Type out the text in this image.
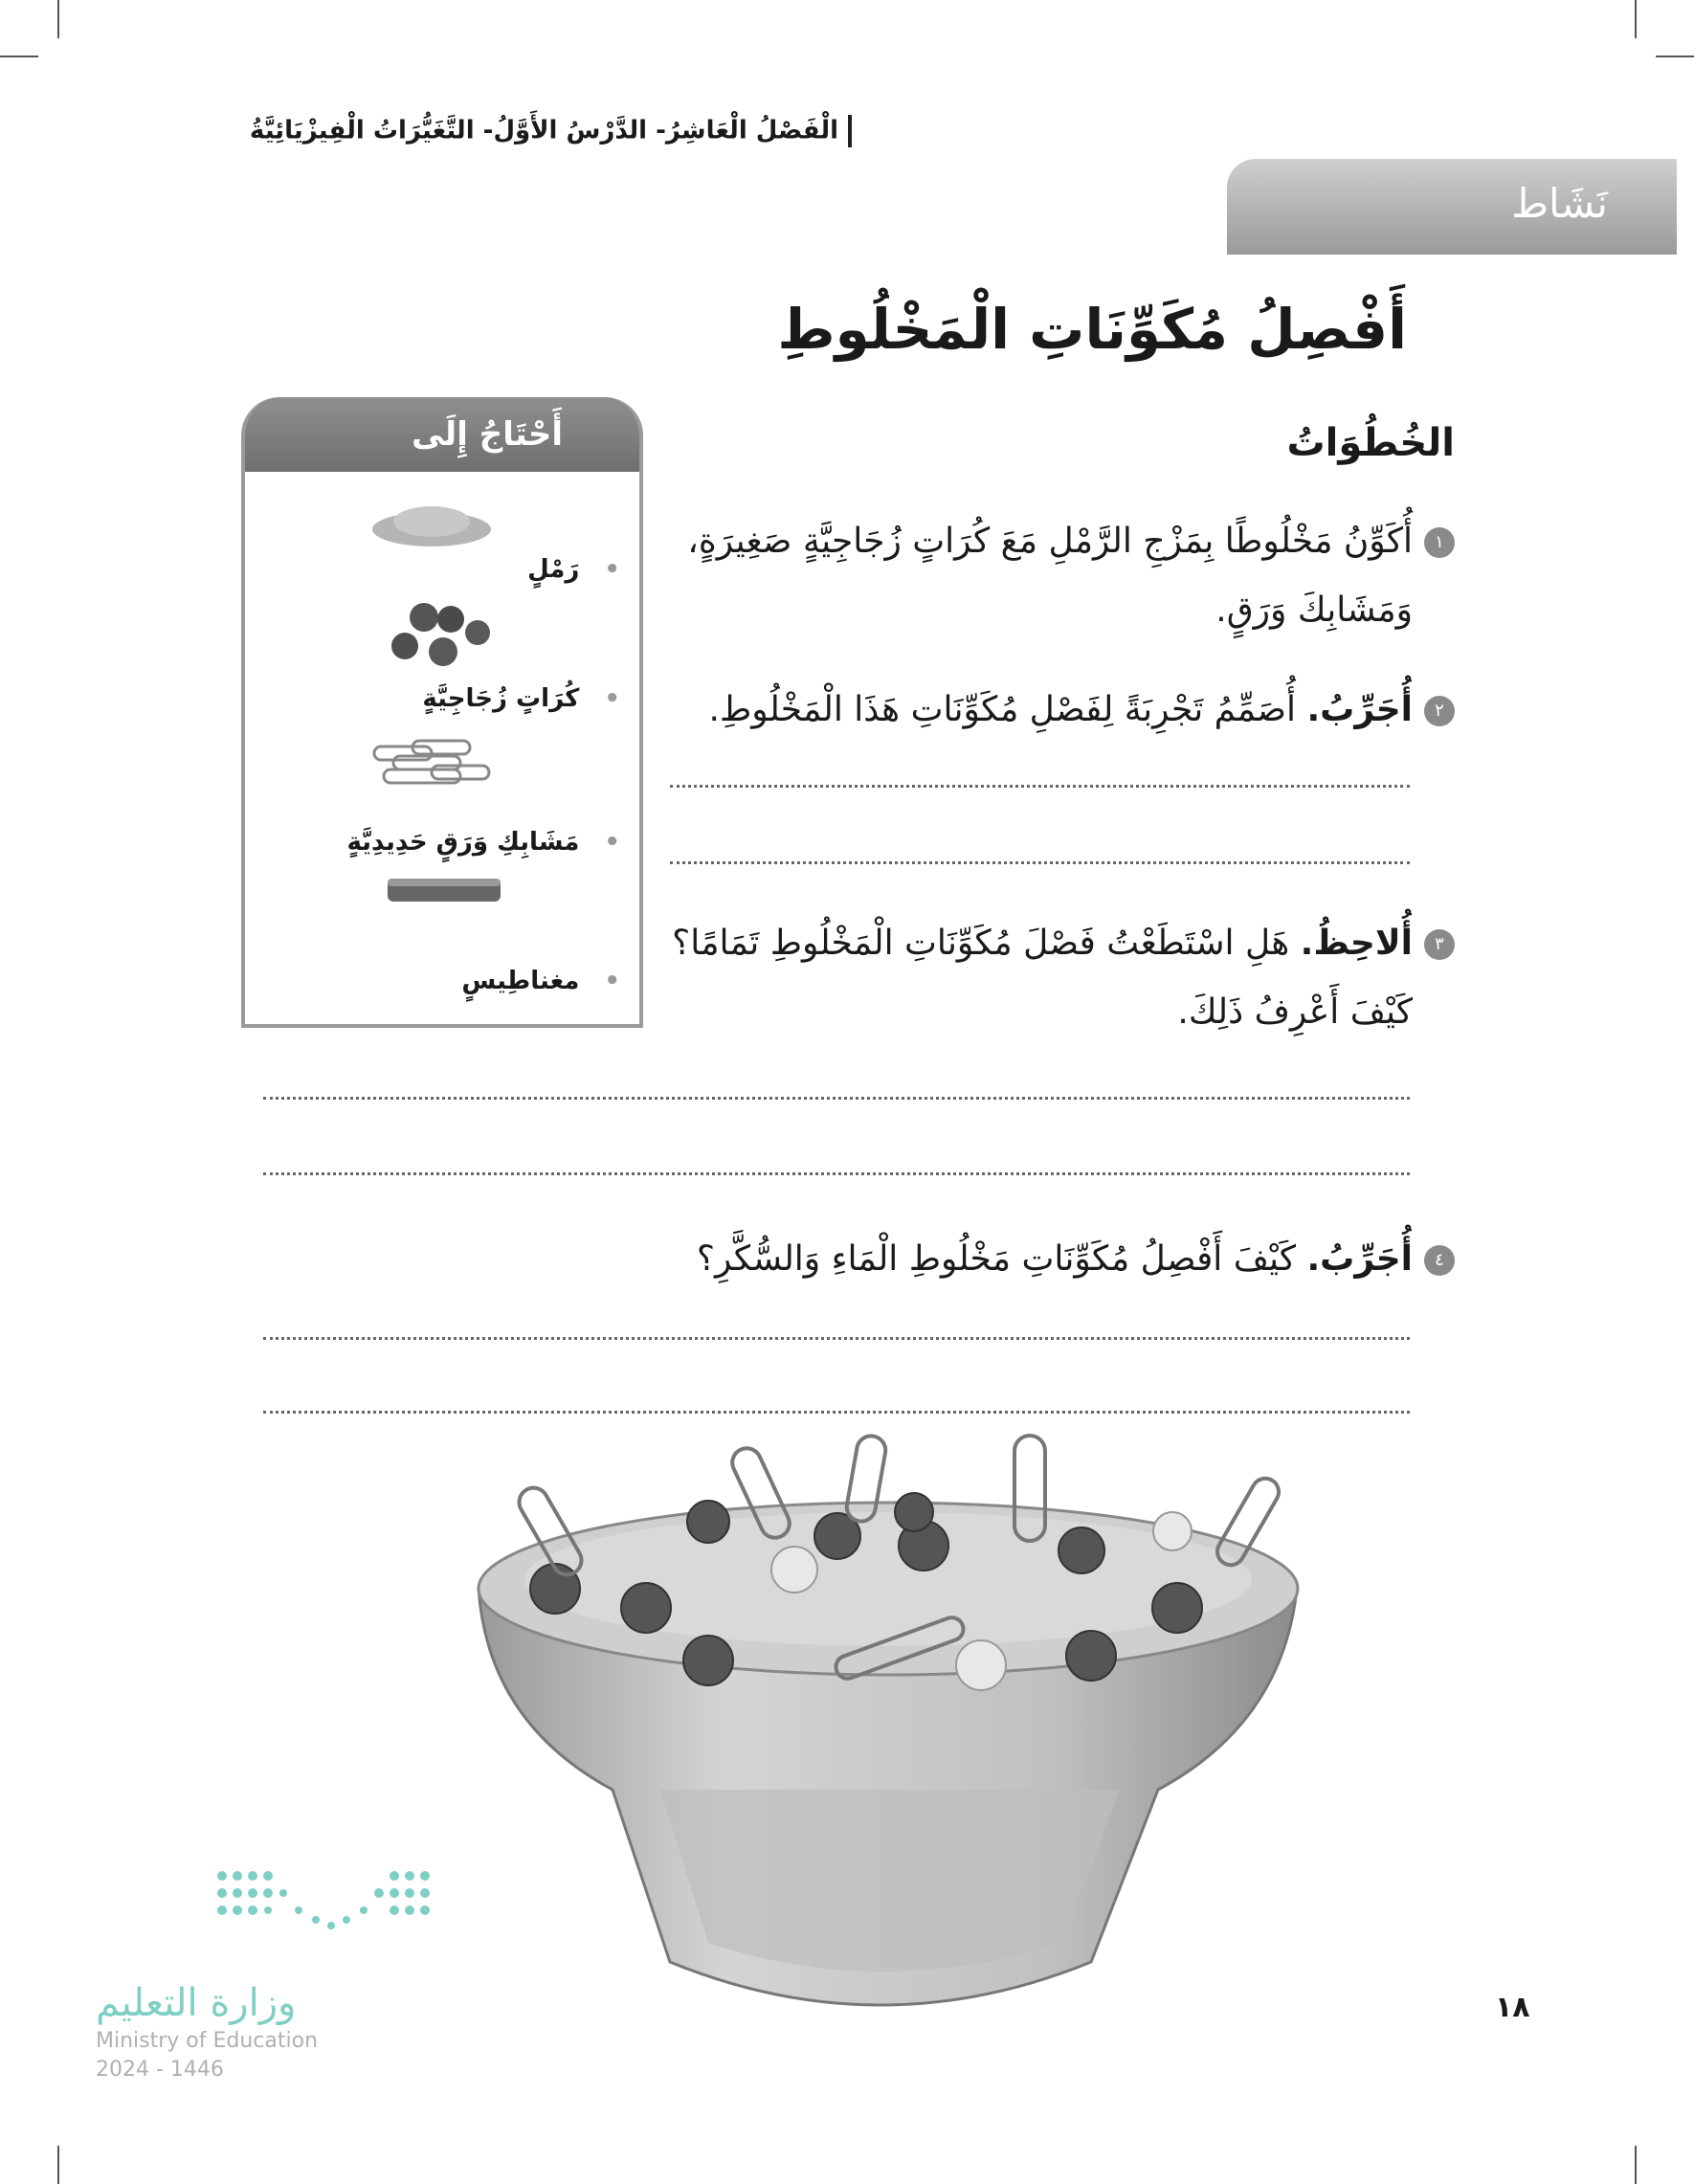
الْفَصْلُ الْعَاشِرُ- الدَّرْسُ الأَوَّلُ- التَّغَيُّرَاتُ الْفِيزْيَائِيَّةُ
نَشَاط
أَفْصِلُ مُكَوِّنَاتِ الْمَخْلُوطِ
الخُطُوَاتُ
١أُكَوِّنُ مَخْلُوطًا بِمَزْجِ الرَّمْلِ مَعَ كُرَاتٍ زُجَاجِيَّةٍ صَغِيرَةٍ،
وَمَشَابِكَ وَرَقٍ.
٢أُجَرِّبُ. أُصَمِّمُ تَجْرِبَةً لِفَصْلِ مُكَوِّنَاتِ هَذَا الْمَخْلُوطِ.
٣أُلاحِظُ. هَلِ اسْتَطَعْتُ فَصْلَ مُكَوِّنَاتِ الْمَخْلُوطِ تَمَامًا؟
كَيْفَ أَعْرِفُ ذَلِكَ.
٤أُجَرِّبُ. كَيْفَ أَفْصِلُ مُكَوِّنَاتِ مَخْلُوطِ الْمَاءِ وَالسُّكَّرِ؟
أَحْتَاجُ إِلَى
•رَمْلٍ
•كُرَاتٍ زُجَاجِيَّةٍ
•مَشَابِكِ وَرَقٍ حَدِيدِيَّةٍ
•مغناطِيسٍ
وزارة التعليم
Ministry of Education
2024 - 1446
١٨
